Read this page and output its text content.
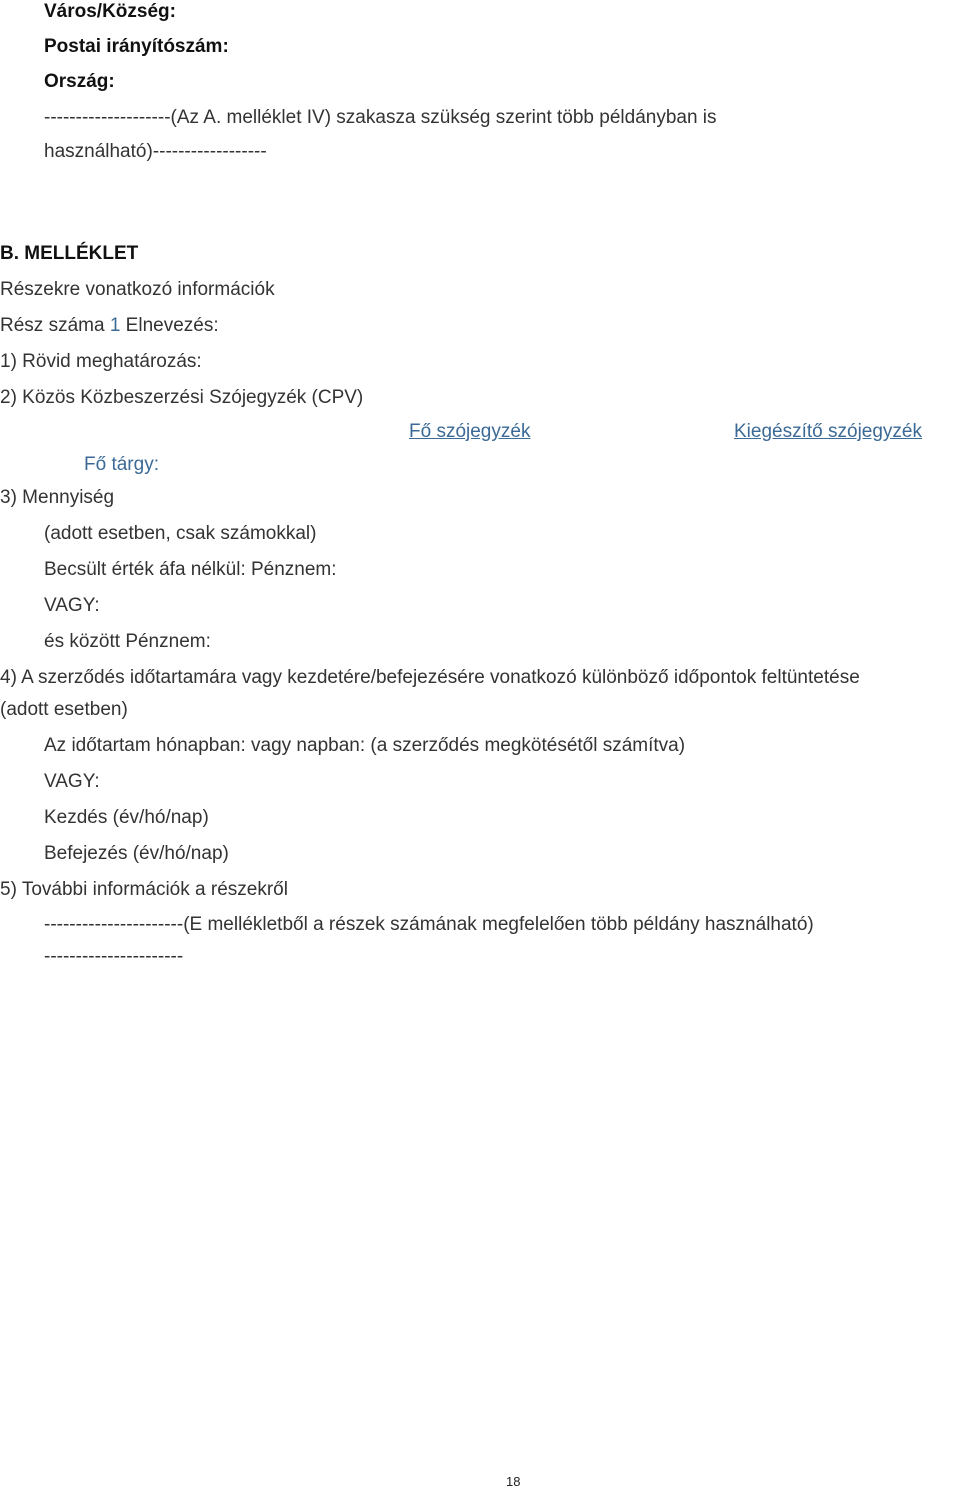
Város/Község:
Postai irányítószám:
Ország:
--------------------(Az A. melléklet IV) szakasza szükség szerint több példányban is
használható)------------------
B. MELLÉKLET
Részekre vonatkozó információk
Rész száma 1 Elnevezés:
1) Rövid meghatározás:
2) Közös Közbeszerzési Szójegyzék (CPV)
Fő szójegyzék	Kiegészítő szójegyzék
Fő tárgy:
3) Mennyiség
(adott esetben, csak számokkal)
Becsült érték áfa nélkül: Pénznem:
VAGY:
és között Pénznem:
4) A szerződés időtartamára vagy kezdetére/befejezésére vonatkozó különböző időpontok feltüntetése
(adott esetben)
Az időtartam hónapban: vagy napban: (a szerződés megkötésétől számítva)
VAGY:
Kezdés (év/hó/nap)
Befejezés (év/hó/nap)
5) További információk a részekről
----------------------(E mellékletből a részek számának megfelelően több példány használható)
----------------------
18
